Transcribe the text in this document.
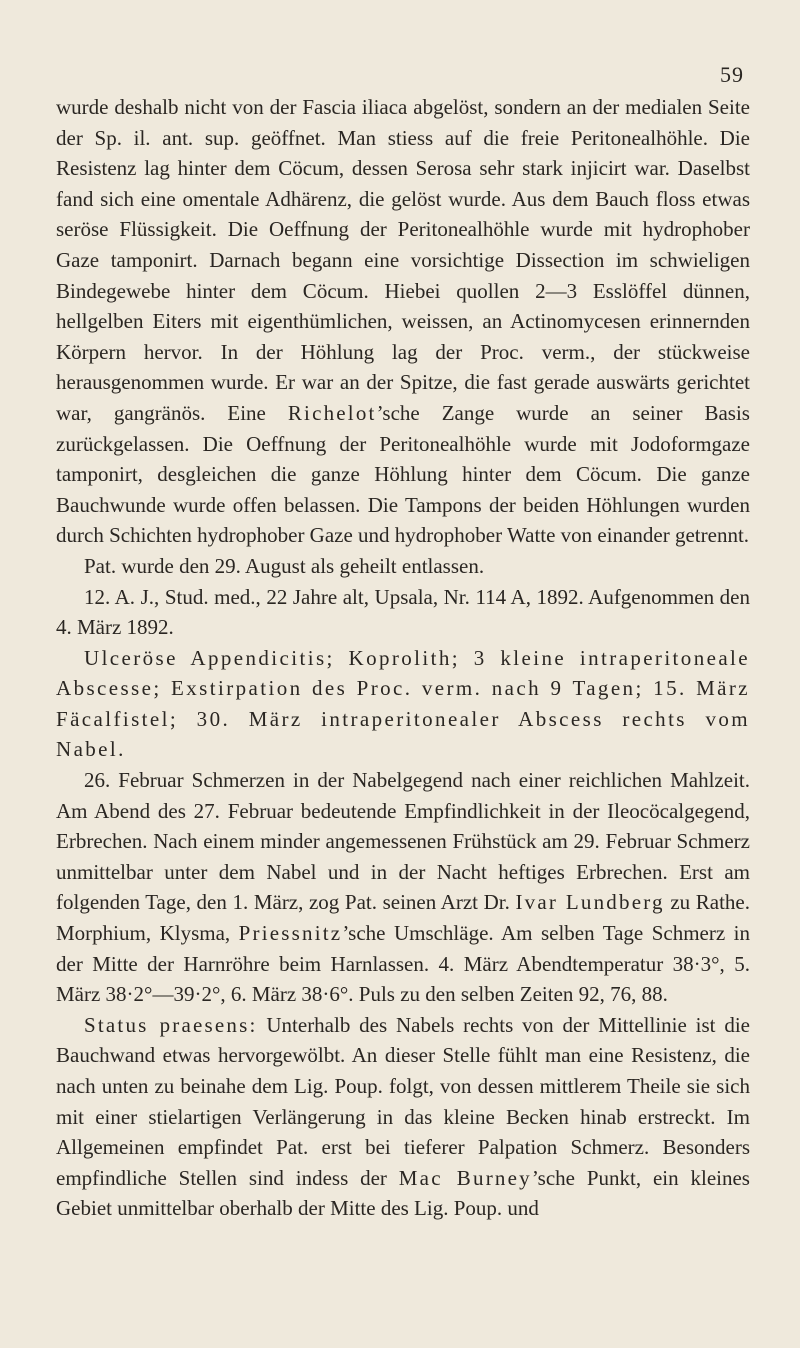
59

wurde deshalb nicht von der Fascia iliaca abgelöst, sondern an der medialen Seite der Sp. il. ant. sup. geöffnet. Man stiess auf die freie Peritonealhöhle. Die Resistenz lag hinter dem Cöcum, dessen Serosa sehr stark injicirt war. Daselbst fand sich eine omentale Adhärenz, die gelöst wurde. Aus dem Bauch floss etwas seröse Flüssigkeit. Die Oeffnung der Peritonealhöhle wurde mit hydrophober Gaze tamponirt. Darnach begann eine vorsichtige Dissection im schwieligen Bindegewebe hinter dem Cöcum. Hiebei quollen 2—3 Esslöffel dünnen, hellgelben Eiters mit eigenthümlichen, weissen, an Actinomycesen erinnernden Körpern hervor. In der Höhlung lag der Proc. verm., der stückweise herausgenommen wurde. Er war an der Spitze, die fast gerade auswärts gerichtet war, gangränös. Eine Richelot’sche Zange wurde an seiner Basis zurückgelassen. Die Oeffnung der Peritonealhöhle wurde mit Jodoformgaze tamponirt, desgleichen die ganze Höhlung hinter dem Cöcum. Die ganze Bauchwunde wurde offen belassen. Die Tampons der beiden Höhlungen wurden durch Schichten hydrophober Gaze und hydrophober Watte von einander getrennt.

Pat. wurde den 29. August als geheilt entlassen.

12. A. J., Stud. med., 22 Jahre alt, Upsala, Nr. 114 A, 1892. Aufgenommen den 4. März 1892.

Ulceröse Appendicitis; Koprolith; 3 kleine intraperitoneale Abscesse; Exstirpation des Proc. verm. nach 9 Tagen; 15. März Fäcalfistel; 30. März intraperitonealer Abscess rechts vom Nabel.

26. Februar Schmerzen in der Nabelgegend nach einer reichlichen Mahlzeit. Am Abend des 27. Februar bedeutende Empfindlichkeit in der Ileocöcalgegend, Erbrechen. Nach einem minder angemessenen Frühstück am 29. Februar Schmerz unmittelbar unter dem Nabel und in der Nacht heftiges Erbrechen. Erst am folgenden Tage, den 1. März, zog Pat. seinen Arzt Dr. Ivar Lundberg zu Rathe. Morphium, Klysma, Priessnitz’sche Umschläge. Am selben Tage Schmerz in der Mitte der Harnröhre beim Harnlassen. 4. März Abendtemperatur 38·3°, 5. März 38·2°—39·2°, 6. März 38·6°. Puls zu den selben Zeiten 92, 76, 88.

Status praesens: Unterhalb des Nabels rechts von der Mittellinie ist die Bauchwand etwas hervorgewölbt. An dieser Stelle fühlt man eine Resistenz, die nach unten zu beinahe dem Lig. Poup. folgt, von dessen mittlerem Theile sie sich mit einer stielartigen Verlängerung in das kleine Becken hinab erstreckt. Im Allgemeinen empfindet Pat. erst bei tieferer Palpation Schmerz. Besonders empfindliche Stellen sind indess der Mac Burney’sche Punkt, ein kleines Gebiet unmittelbar oberhalb der Mitte des Lig. Poup. und
